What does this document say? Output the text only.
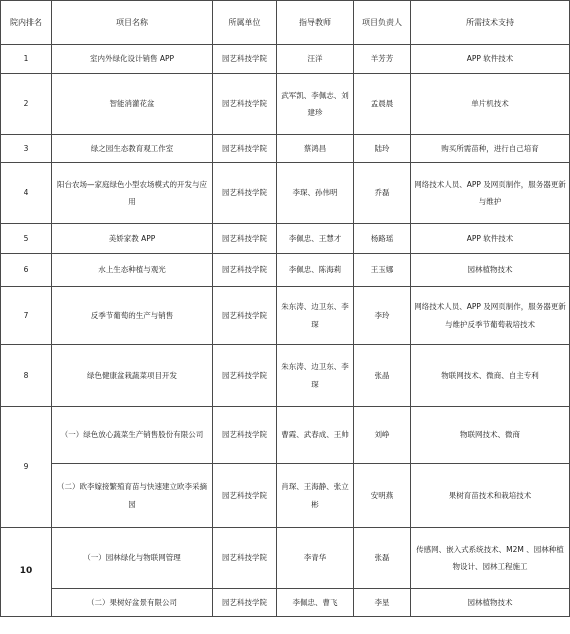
院内排名	项目名称	所属单位	指导教师	项目负责人	所需技术支持
1	室内外绿化设计销售 APP	园艺科技学院	汪洋	羊芳芳	APP 软件技术
2	智能消灌花盆	园艺科技学院	武军凯、李佩志、刘建珍	孟晨晨	单片机技术
3	绿之园生态教育观工作室	园艺科技学院	蔡鸿昌	陆玲	购买所需苗种，进行自己培育
4	阳台农场—家庭绿色小型农场模式的开发与应用	园艺科技学院	李琛、孙伟明	乔磊	网络技术人员、APP 及网页制作，服务器更新与维护
5	美娇家教 APP	园艺科技学院	李佩忠、王慧才	杨路瑶	APP 软件技术
6	水上生态种植与观光	园艺科技学院	李佩忠、陈海莉	王玉娜	园林植物技术
7	反季节葡萄的生产与销售	园艺科技学院	朱东涛、边卫东、李琛	李玲	网络技术人员、APP 及网页制作，服务器更新与维护反季节葡萄栽培技术
8	绿色健康盆栽蔬菜项目开发	园艺科技学院	朱东涛、边卫东、李琛	张晶	物联网技术、微商、自主专利
9	（一）绿色放心蔬菜生产销售股份有限公司	园艺科技学院	曹霞、武春成、王帅	刘峥	物联网技术、微商
	（二）欧李嫁接繁殖育苗与快速建立欧李采摘园	园艺科技学院	肖琛、王海静、张立彬	安明燕	果树育苗技术和栽培技术
10	（一）园林绿化与物联网管理	园艺科技学院	李青华	张磊	传感网、嵌入式系统技术、M2M 、园林种植物设计、园林工程施工
	（二）果树好盆景有限公司	园艺科技学院	李佩忠、曹飞	李星	园林植物技术
